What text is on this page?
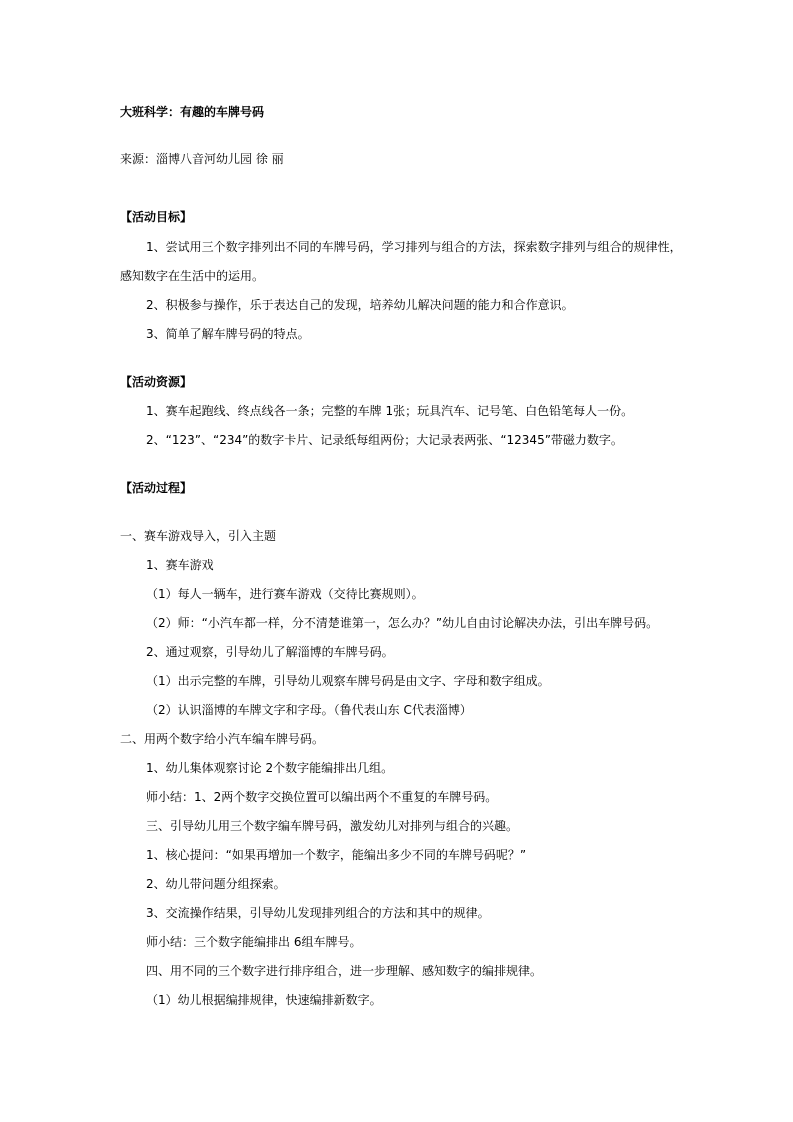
大班科学：有趣的车牌号码
来源：淄博八音河幼儿园 徐 丽
【活动目标】
1、尝试用三个数字排列出不同的车牌号码，学习排列与组合的方法，探索数字排列与组合的规律性，
感知数字在生活中的运用。
2、积极参与操作，乐于表达自己的发现，培养幼儿解决问题的能力和合作意识。
3、简单了解车牌号码的特点。
【活动资源】
1、赛车起跑线、终点线各一条；完整的车牌 1张；玩具汽车、记号笔、白色铅笔每人一份。
2、“123”、“234”的数字卡片、记录纸每组两份；大记录表两张、“12345”带磁力数字。
【活动过程】
一、赛车游戏导入，引入主题
1、赛车游戏
（1）每人一辆车，进行赛车游戏（交待比赛规则）。
（2）师：“小汽车都一样，分不清楚谁第一，怎么办？”幼儿自由讨论解决办法，引出车牌号码。
2、通过观察，引导幼儿了解淄博的车牌号码。
（1）出示完整的车牌，引导幼儿观察车牌号码是由文字、字母和数字组成。
（2）认识淄博的车牌文字和字母。（鲁代表山东 C代表淄博）
二、用两个数字给小汽车编车牌号码。
1、幼儿集体观察讨论 2个数字能编排出几组。
师小结：1、2两个数字交换位置可以编出两个不重复的车牌号码。
三、引导幼儿用三个数字编车牌号码，激发幼儿对排列与组合的兴趣。
1、核心提问：“如果再增加一个数字，能编出多少不同的车牌号码呢？”
2、幼儿带问题分组探索。
3、交流操作结果，引导幼儿发现排列组合的方法和其中的规律。
师小结：三个数字能编排出 6组车牌号。
四、用不同的三个数字进行排序组合，进一步理解、感知数字的编排规律。
（1）幼儿根据编排规律，快速编排新数字。
